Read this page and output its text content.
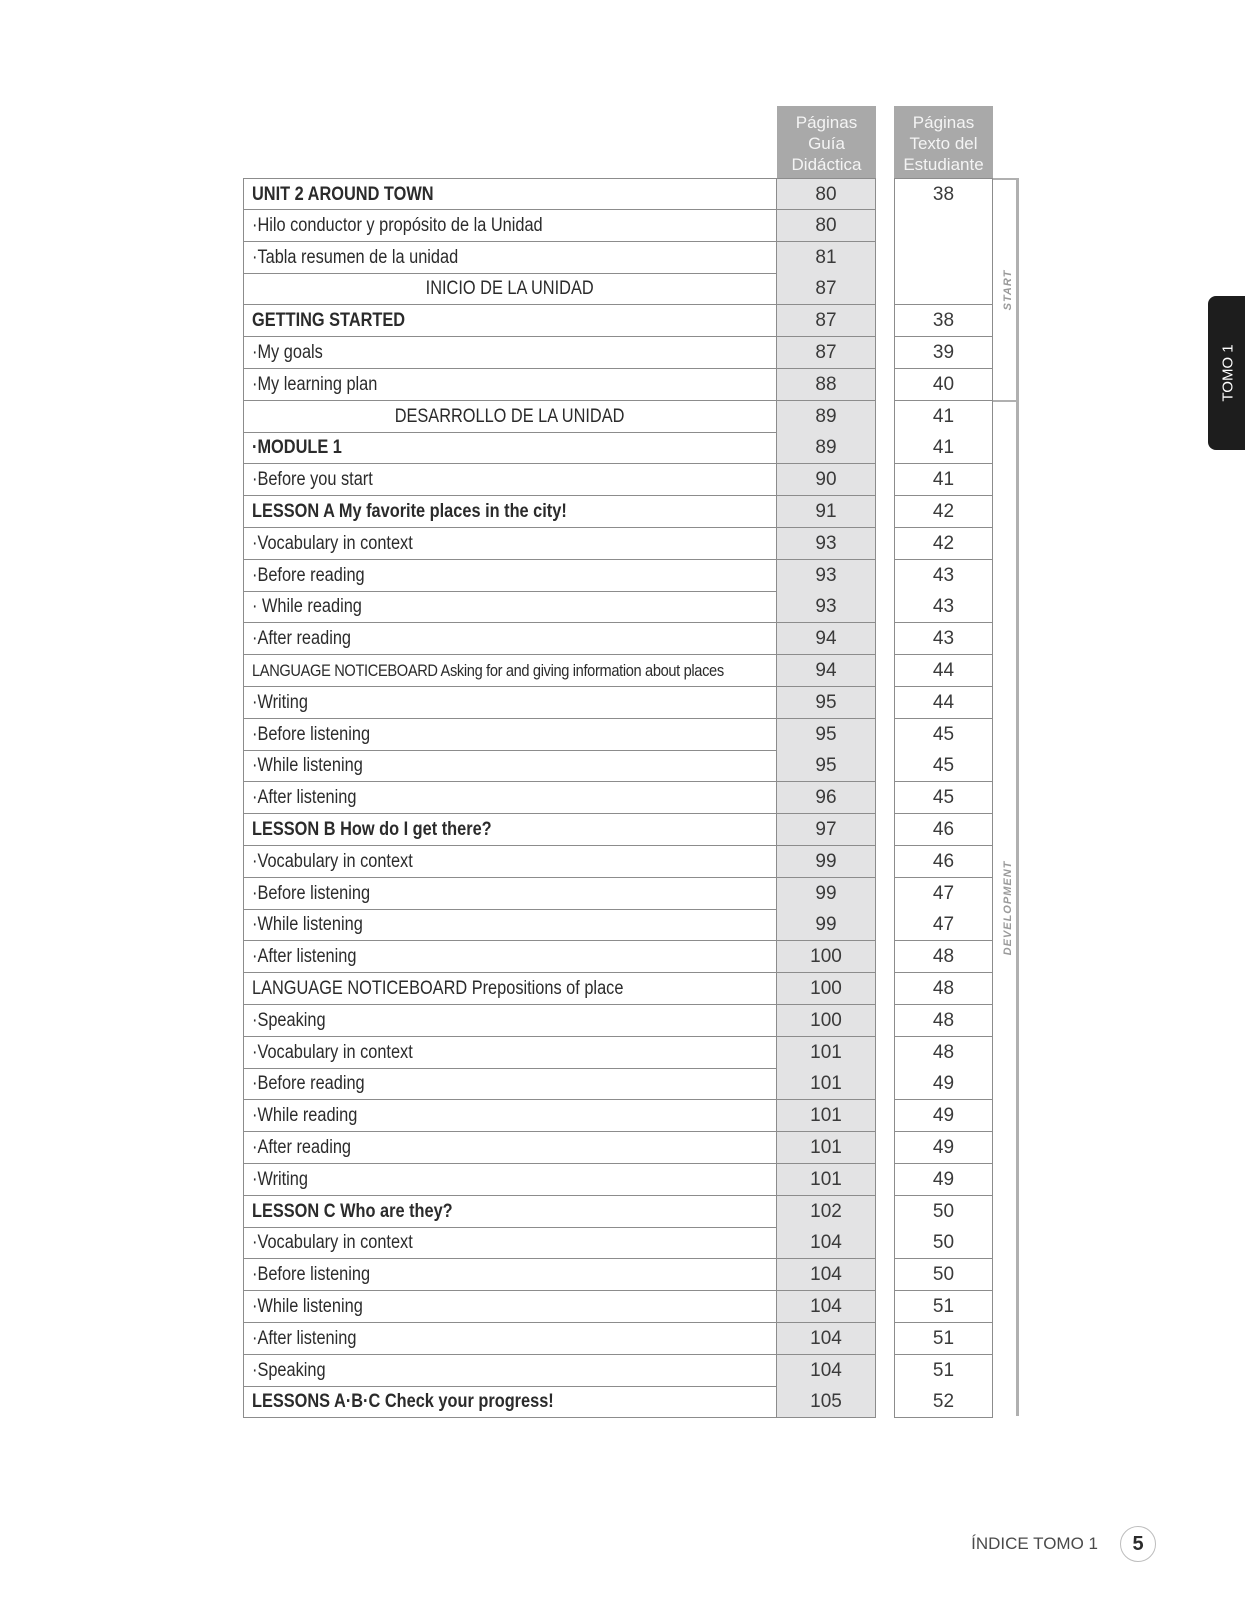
Páginas
Guía
Didáctica
Páginas
Texto del
Estudiante
UNIT 2 AROUND TOWN	80	38
·Hilo conductor y propósito de la Unidad	80
·Tabla resumen de la unidad	81
INICIO DE LA UNIDAD	87
GETTING STARTED	87	38
·My goals	87	39
·My learning plan	88	40
DESARROLLO DE LA UNIDAD	89	41
·MODULE 1	89	41
·Before you start	90	41
LESSON A My favorite places in the city!	91	42
·Vocabulary in context	93	42
·Before reading	93	43
· While reading	93	43
·After reading	94	43
LANGUAGE NOTICEBOARD Asking for and giving information about places	94	44
·Writing	95	44
·Before listening	95	45
·While listening	95	45
·After listening	96	45
LESSON B How do I get there?	97	46
·Vocabulary in context	99	46
·Before listening	99	47
·While listening	99	47
·After listening	100	48
LANGUAGE NOTICEBOARD Prepositions of place	100	48
·Speaking	100	48
·Vocabulary in context	101	48
·Before reading	101	49
·While reading	101	49
·After reading	101	49
·Writing	101	49
LESSON C Who are they?	102	50
·Vocabulary in context	104	50
·Before listening	104	50
·While listening	104	51
·After listening	104	51
·Speaking	104	51
LESSONS A·B·C Check your progress!	105	52
START
DEVELOPMENT
TOMO 1
ÍNDICE TOMO 1	5
